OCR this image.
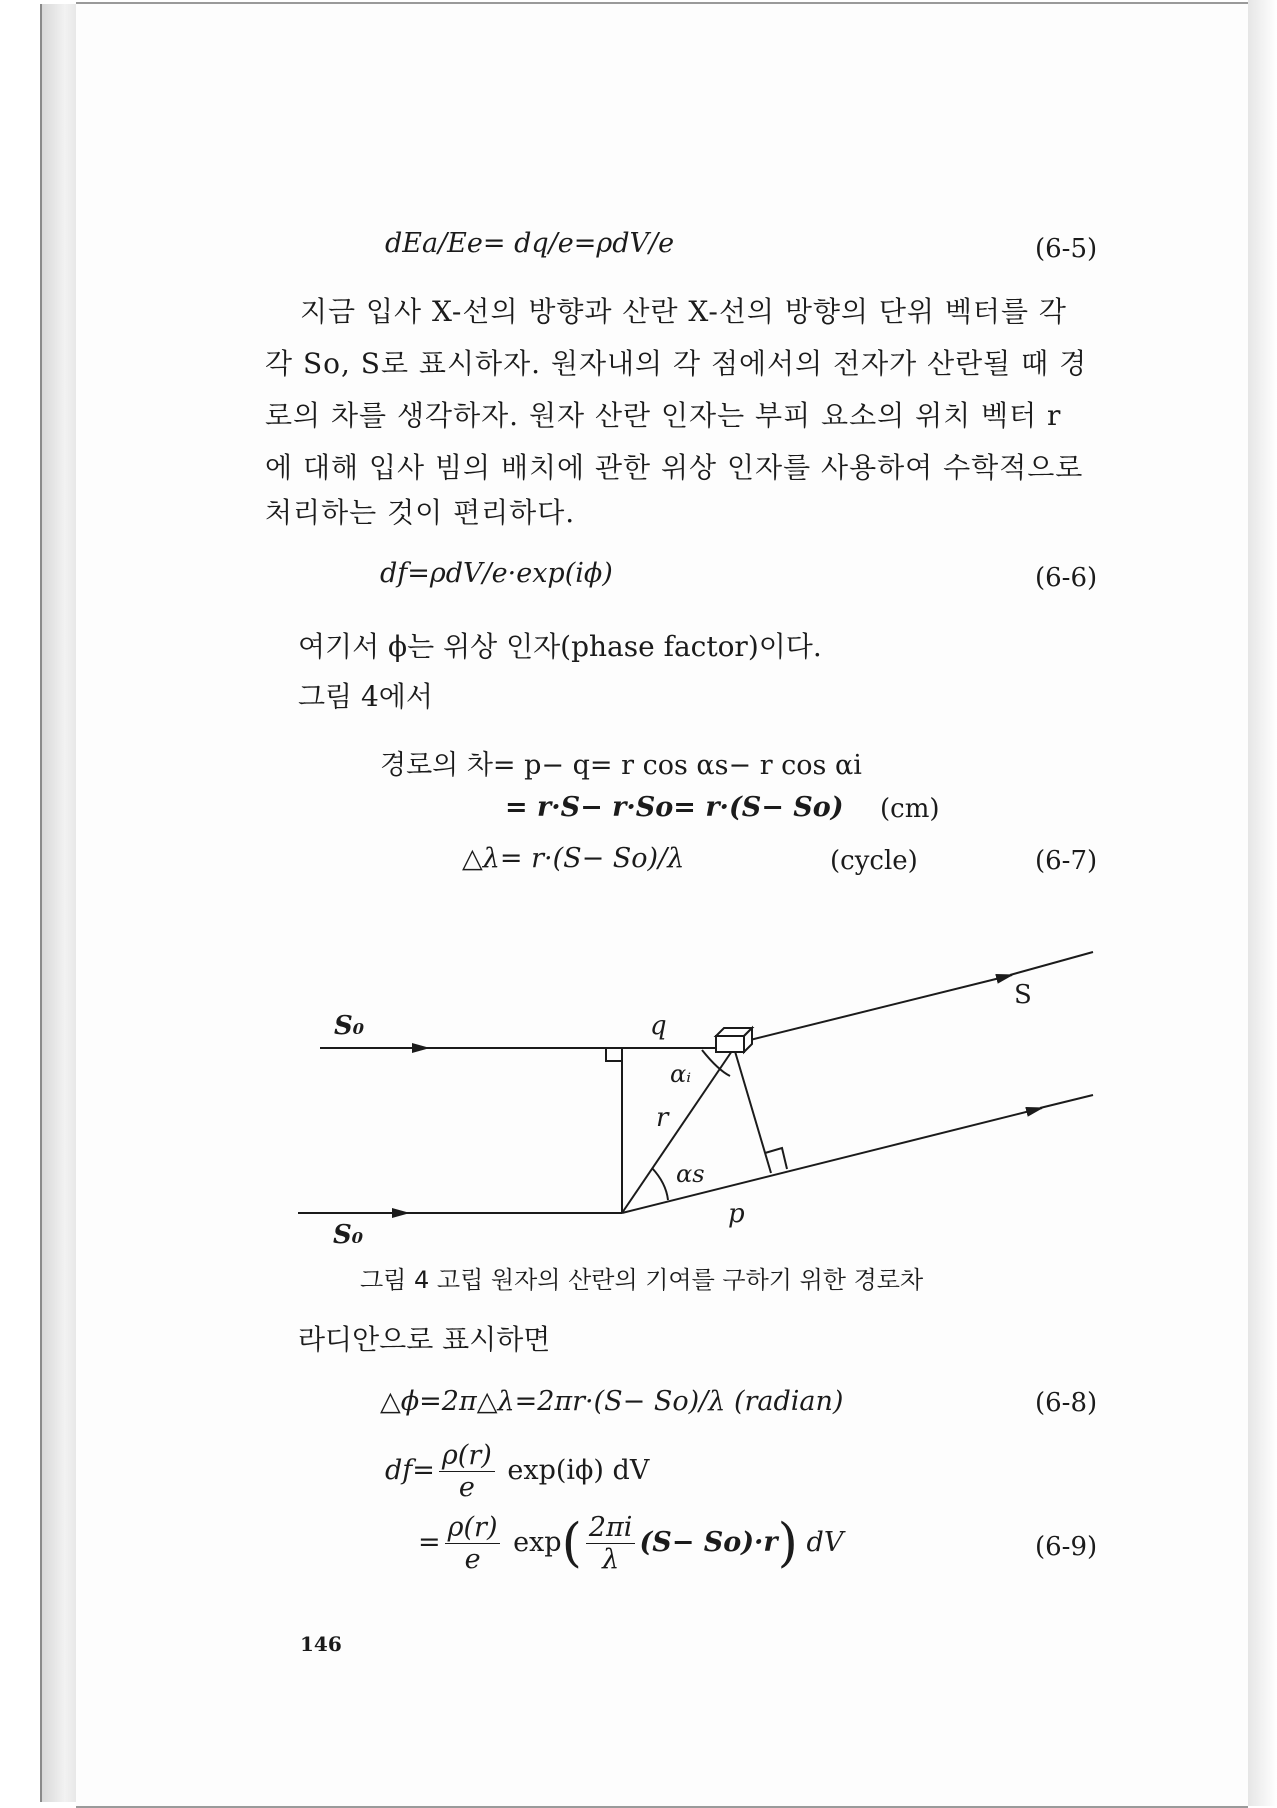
dEa/Ee= dq/e=ρdV/e	(6-5)
지금 입사 X-선의 방향과 산란 X-선의 방향의 단위 벡터를 각
각 So, S로 표시하자. 원자내의 각 점에서의 전자가 산란될 때 경
로의 차를 생각하자. 원자 산란 인자는 부피 요소의 위치 벡터 r
에 대해 입사 빔의 배치에 관한 위상 인자를 사용하여 수학적으로
처리하는 것이 편리하다.
df=ρdV/e·exp(iϕ)	(6-6)
여기서 ϕ는 위상 인자(phase factor)이다.
그림 4에서
경로의 차= p− q= r cos αs− r cos αi
= r·S− r·So= r·(S− So) (cm)
△λ= r·(S− So)/λ	(cycle)	(6-7)
S₀
S₀
S
q
r
αᵢ
αs
p
그림 4 고립 원자의 산란의 기여를 구하기 위한 경로차
라디안으로 표시하면
△ϕ=2π△λ=2πr·(S− So)/λ (radian)	(6-8)
$df= \frac{\rho(r)}{e} \exp(i\phi)$ dV
= $\frac{\rho(r)}{e} \exp( \frac{2\pi i}{\lambda} (S- So)\cdot r)$ dV	(6-9)
146
